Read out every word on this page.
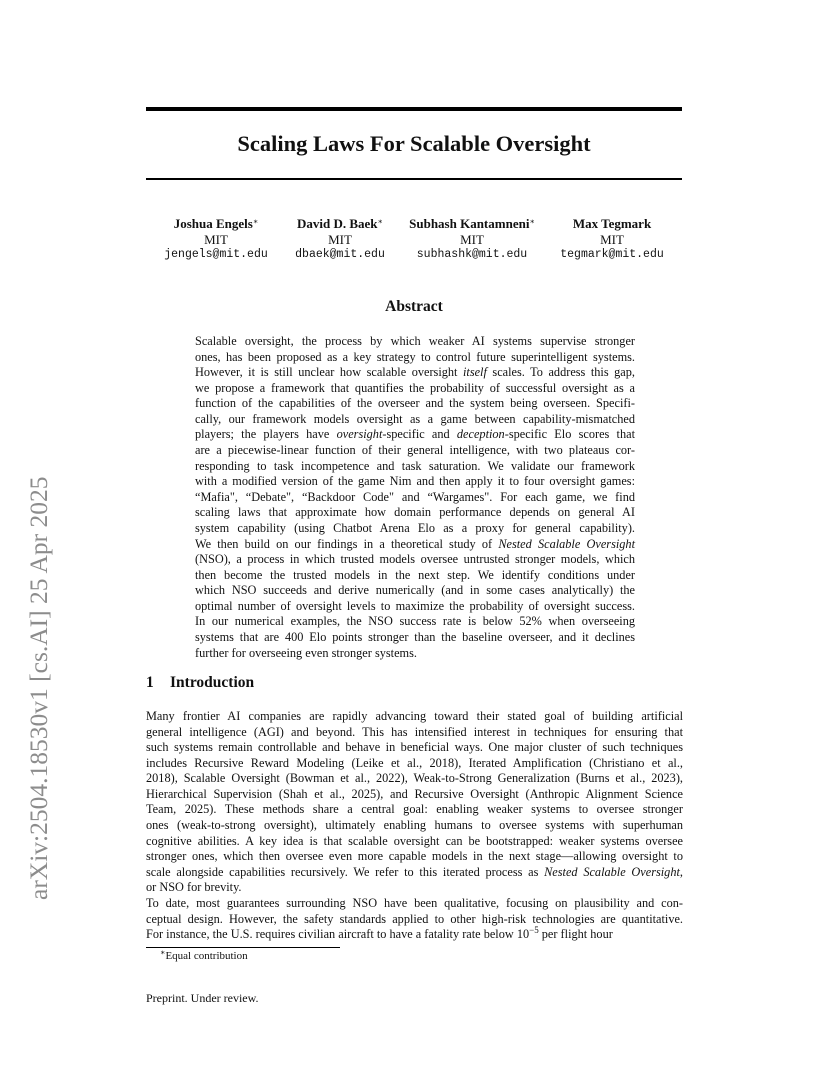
arXiv:2504.18530v1 [cs.AI] 25 Apr 2025
Scaling Laws For Scalable Oversight
Joshua Engels∗
MIT
jengels@mit.edu
David D. Baek∗
MIT
dbaek@mit.edu
Subhash Kantamneni∗
MIT
subhashk@mit.edu
Max Tegmark
MIT
tegmark@mit.edu
Abstract
Scalable oversight, the process by which weaker AI systems supervise stronger
ones, has been proposed as a key strategy to control future superintelligent systems.
However, it is still unclear how scalable oversight itself scales. To address this gap,
we propose a framework that quantifies the probability of successful oversight as a
function of the capabilities of the overseer and the system being overseen. Specifi-
cally, our framework models oversight as a game between capability-mismatched
players; the players have oversight-specific and deception-specific Elo scores that
are a piecewise-linear function of their general intelligence, with two plateaus cor-
responding to task incompetence and task saturation. We validate our framework
with a modified version of the game Nim and then apply it to four oversight games:
“Mafia", “Debate", “Backdoor Code" and “Wargames". For each game, we find
scaling laws that approximate how domain performance depends on general AI
system capability (using Chatbot Arena Elo as a proxy for general capability).
We then build on our findings in a theoretical study of Nested Scalable Oversight
(NSO), a process in which trusted models oversee untrusted stronger models, which
then become the trusted models in the next step. We identify conditions under
which NSO succeeds and derive numerically (and in some cases analytically) the
optimal number of oversight levels to maximize the probability of oversight success.
In our numerical examples, the NSO success rate is below 52% when overseeing
systems that are 400 Elo points stronger than the baseline overseer, and it declines
further for overseeing even stronger systems.
1 Introduction
Many frontier AI companies are rapidly advancing toward their stated goal of building artificial
general intelligence (AGI) and beyond. This has intensified interest in techniques for ensuring that
such systems remain controllable and behave in beneficial ways. One major cluster of such techniques
includes Recursive Reward Modeling (Leike et al., 2018), Iterated Amplification (Christiano et al.,
2018), Scalable Oversight (Bowman et al., 2022), Weak-to-Strong Generalization (Burns et al., 2023),
Hierarchical Supervision (Shah et al., 2025), and Recursive Oversight (Anthropic Alignment Science
Team, 2025). These methods share a central goal: enabling weaker systems to oversee stronger
ones (weak-to-strong oversight), ultimately enabling humans to oversee systems with superhuman
cognitive abilities. A key idea is that scalable oversight can be bootstrapped: weaker systems oversee
stronger ones, which then oversee even more capable models in the next stage—allowing oversight to
scale alongside capabilities recursively. We refer to this iterated process as Nested Scalable Oversight,
or NSO for brevity.
To date, most guarantees surrounding NSO have been qualitative, focusing on plausibility and con-
ceptual design. However, the safety standards applied to other high-risk technologies are quantitative.
For instance, the U.S. requires civilian aircraft to have a fatality rate below $10^{-5}$ per flight hour
∗Equal contribution
Preprint. Under review.
